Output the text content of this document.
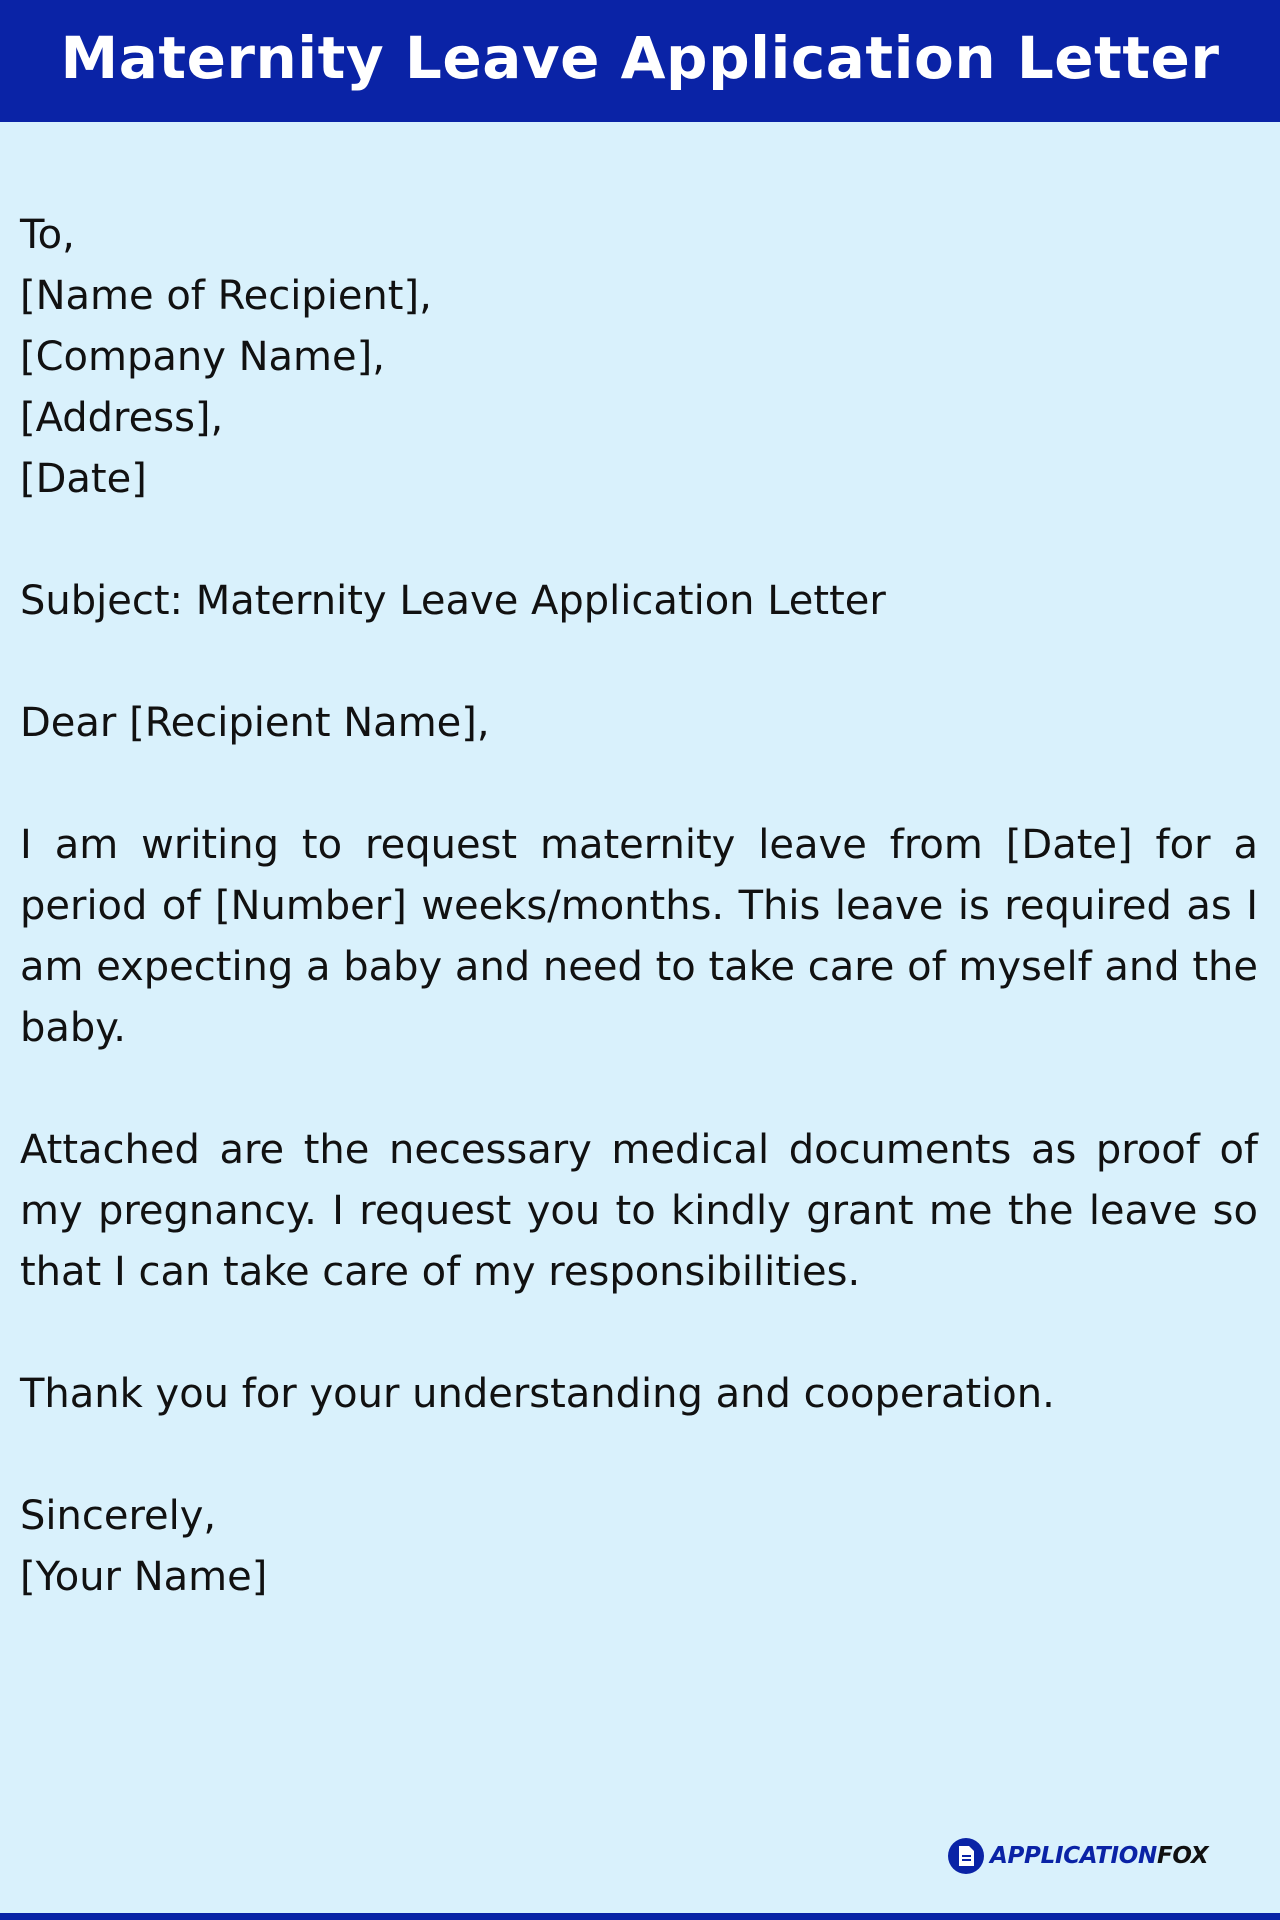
Maternity Leave Application Letter
To,
[Name of Recipient],
[Company Name],
[Address],
[Date]
Subject: Maternity Leave Application Letter
Dear [Recipient Name],

I am writing to request maternity leave from [Date] for a period of [Number] weeks/months. This leave is required as I am expecting a baby and need to take care of myself and the baby.

Attached are the necessary medical documents as proof of my pregnancy. I request you to kindly grant me the leave so that I can take care of my responsibilities.

Thank you for your understanding and cooperation.
Sincerely,
[Your Name]
APPLICATIONFOX
